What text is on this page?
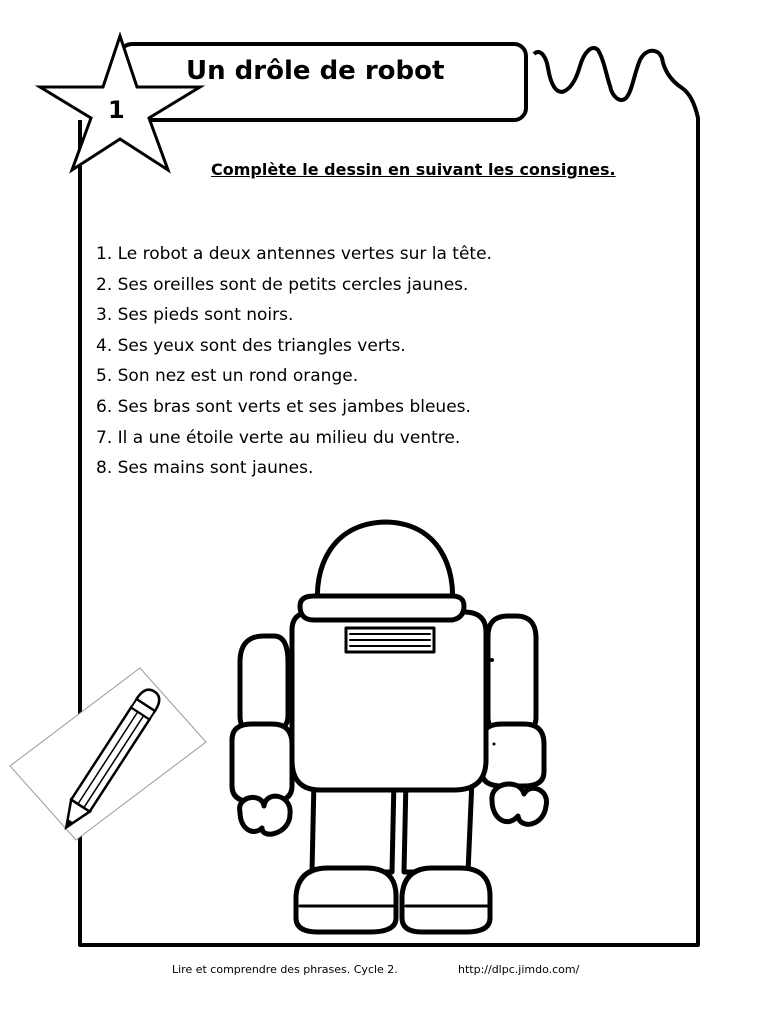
Un drôle de robot
1
Complète le dessin en suivant les consignes.
1. Le robot a deux antennes vertes sur la tête.
2. Ses oreilles sont de petits cercles jaunes.
3. Ses pieds sont noirs.
4. Ses yeux sont des triangles verts.
5. Son nez est un rond orange.
6. Ses bras sont verts et ses jambes bleues.
7. Il a une étoile verte au milieu du ventre.
8. Ses mains sont jaunes.
Lire et comprendre des phrases. Cycle 2.	http://dlpc.jimdo.com/
